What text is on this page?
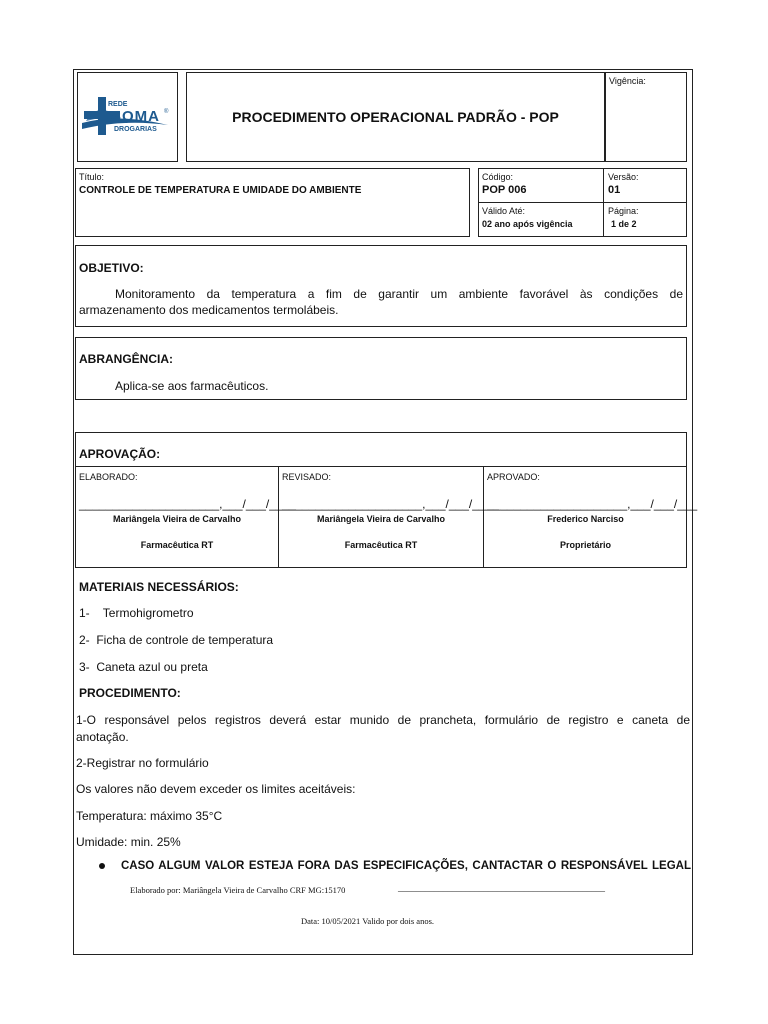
REDE
SOMA ®
DROGARIAS
PROCEDIMENTO OPERACIONAL PADRÃO - POP
Vigência:
Título:
CONTROLE DE TEMPERATURA E UMIDADE DO AMBIENTE
Código:
POP 006
Versão:
01
Válido Até:
02 ano após vigência
Página:
1 de 2
OBJETIVO:
Monitoramento da temperatura a fim de garantir um ambiente favorável às condições de
armazenamento dos medicamentos termolábeis.
ABRANGÊNCIA:
Aplica-se aos farmacêuticos.
APROVAÇÃO:
ELABORADO:
_____________________,___/___/____
Mariângela Vieira de Carvalho
Farmacêutica RT
REVISADO:
_____________________,___/___/____
Mariângela Vieira de Carvalho
Farmacêutica RT
APROVADO:
_____________________,___/___/___
Frederico Narciso
Proprietário
MATERIAIS NECESSÁRIOS:
1-    Termohigrometro
2-  Ficha de controle de temperatura
3-  Caneta azul ou preta
PROCEDIMENTO:
1-O responsável pelos registros deverá estar munido de prancheta, formulário de registro e caneta de
anotação.
2-Registrar no formulário
Os valores não devem exceder os limites aceitáveis:
Temperatura: máximo 35°C
Umidade: min. 25%
CASO ALGUM VALOR ESTEJA FORA DAS ESPECIFICAÇÕES, CANTACTAR O RESPONSÁVEL LEGAL
Elaborado por: Mariângela Vieira de Carvalho CRF MG:15170	______________________________________________
Data: 10/05/2021 Valido por dois anos.
